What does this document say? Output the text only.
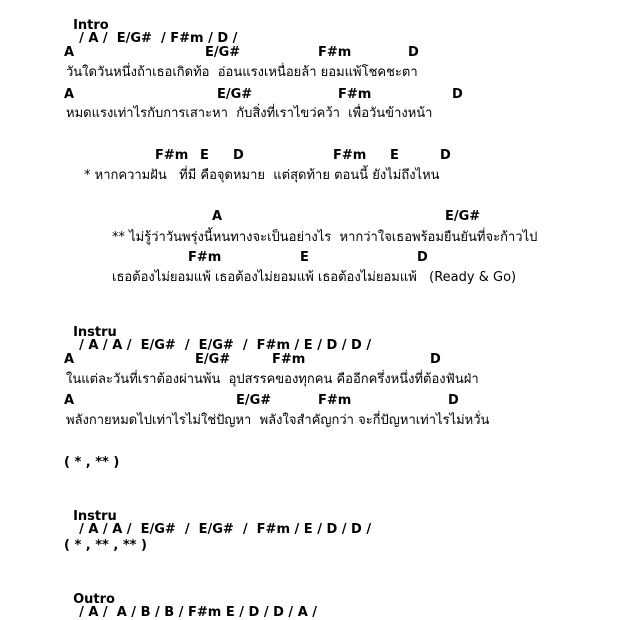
Intro
/ A /  E/G#  / F#m / D /

A	E/G#	F#m	D
วันใดวันหนึ่งถ้าเธอเกิดท้อ  อ่อนแรงเหนื่อยล้า ยอมแพ้โชคชะตา
A	E/G#	F#m	D
หมดแรงเท่าไรกับการเสาะหา  กับสิ่งที่เราไขว่คว้า  เพื่อวันข้างหน้า
F#m E D	F#m E	D
* หากความฝัน   ที่มี คือจุดหมาย  แต่สุดท้าย ตอนนี้ ยังไม่ถึงไหน
A	E/G#
** ไม่รู้ว่าวันพรุ่งนี้หนทางจะเป็นอย่างไร  หากว่าใจเธอพร้อมยืนยันที่จะก้าวไป
F#m	E	D
เธอต้องไม่ยอมแพ้ เธอต้องไม่ยอมแพ้ เธอต้องไม่ยอมแพ้   (Ready & Go)

Instru
/ A / A /  E/G#  /  E/G#  /  F#m / E / D / D /

A	E/G#	F#m	D
ในแต่ละวันที่เราต้องผ่านพ้น  อุปสรรคของทุกคน คืออีกครึ่งหนึ่งที่ต้องฟันฝ่า
A	E/G#	F#m	D
พลังกายหมดไปเท่าไรไม่ใช่ปัญหา  พลังใจสำคัญกว่า จะกี่ปัญหาเท่าไรไม่หวั่น
( * , ** )

Instru
/ A / A /  E/G#  /  E/G#  /  F#m / E / D / D /

( * , ** , ** )

Outro
/ A /  A / B / B / F#m E / D / D / A /
